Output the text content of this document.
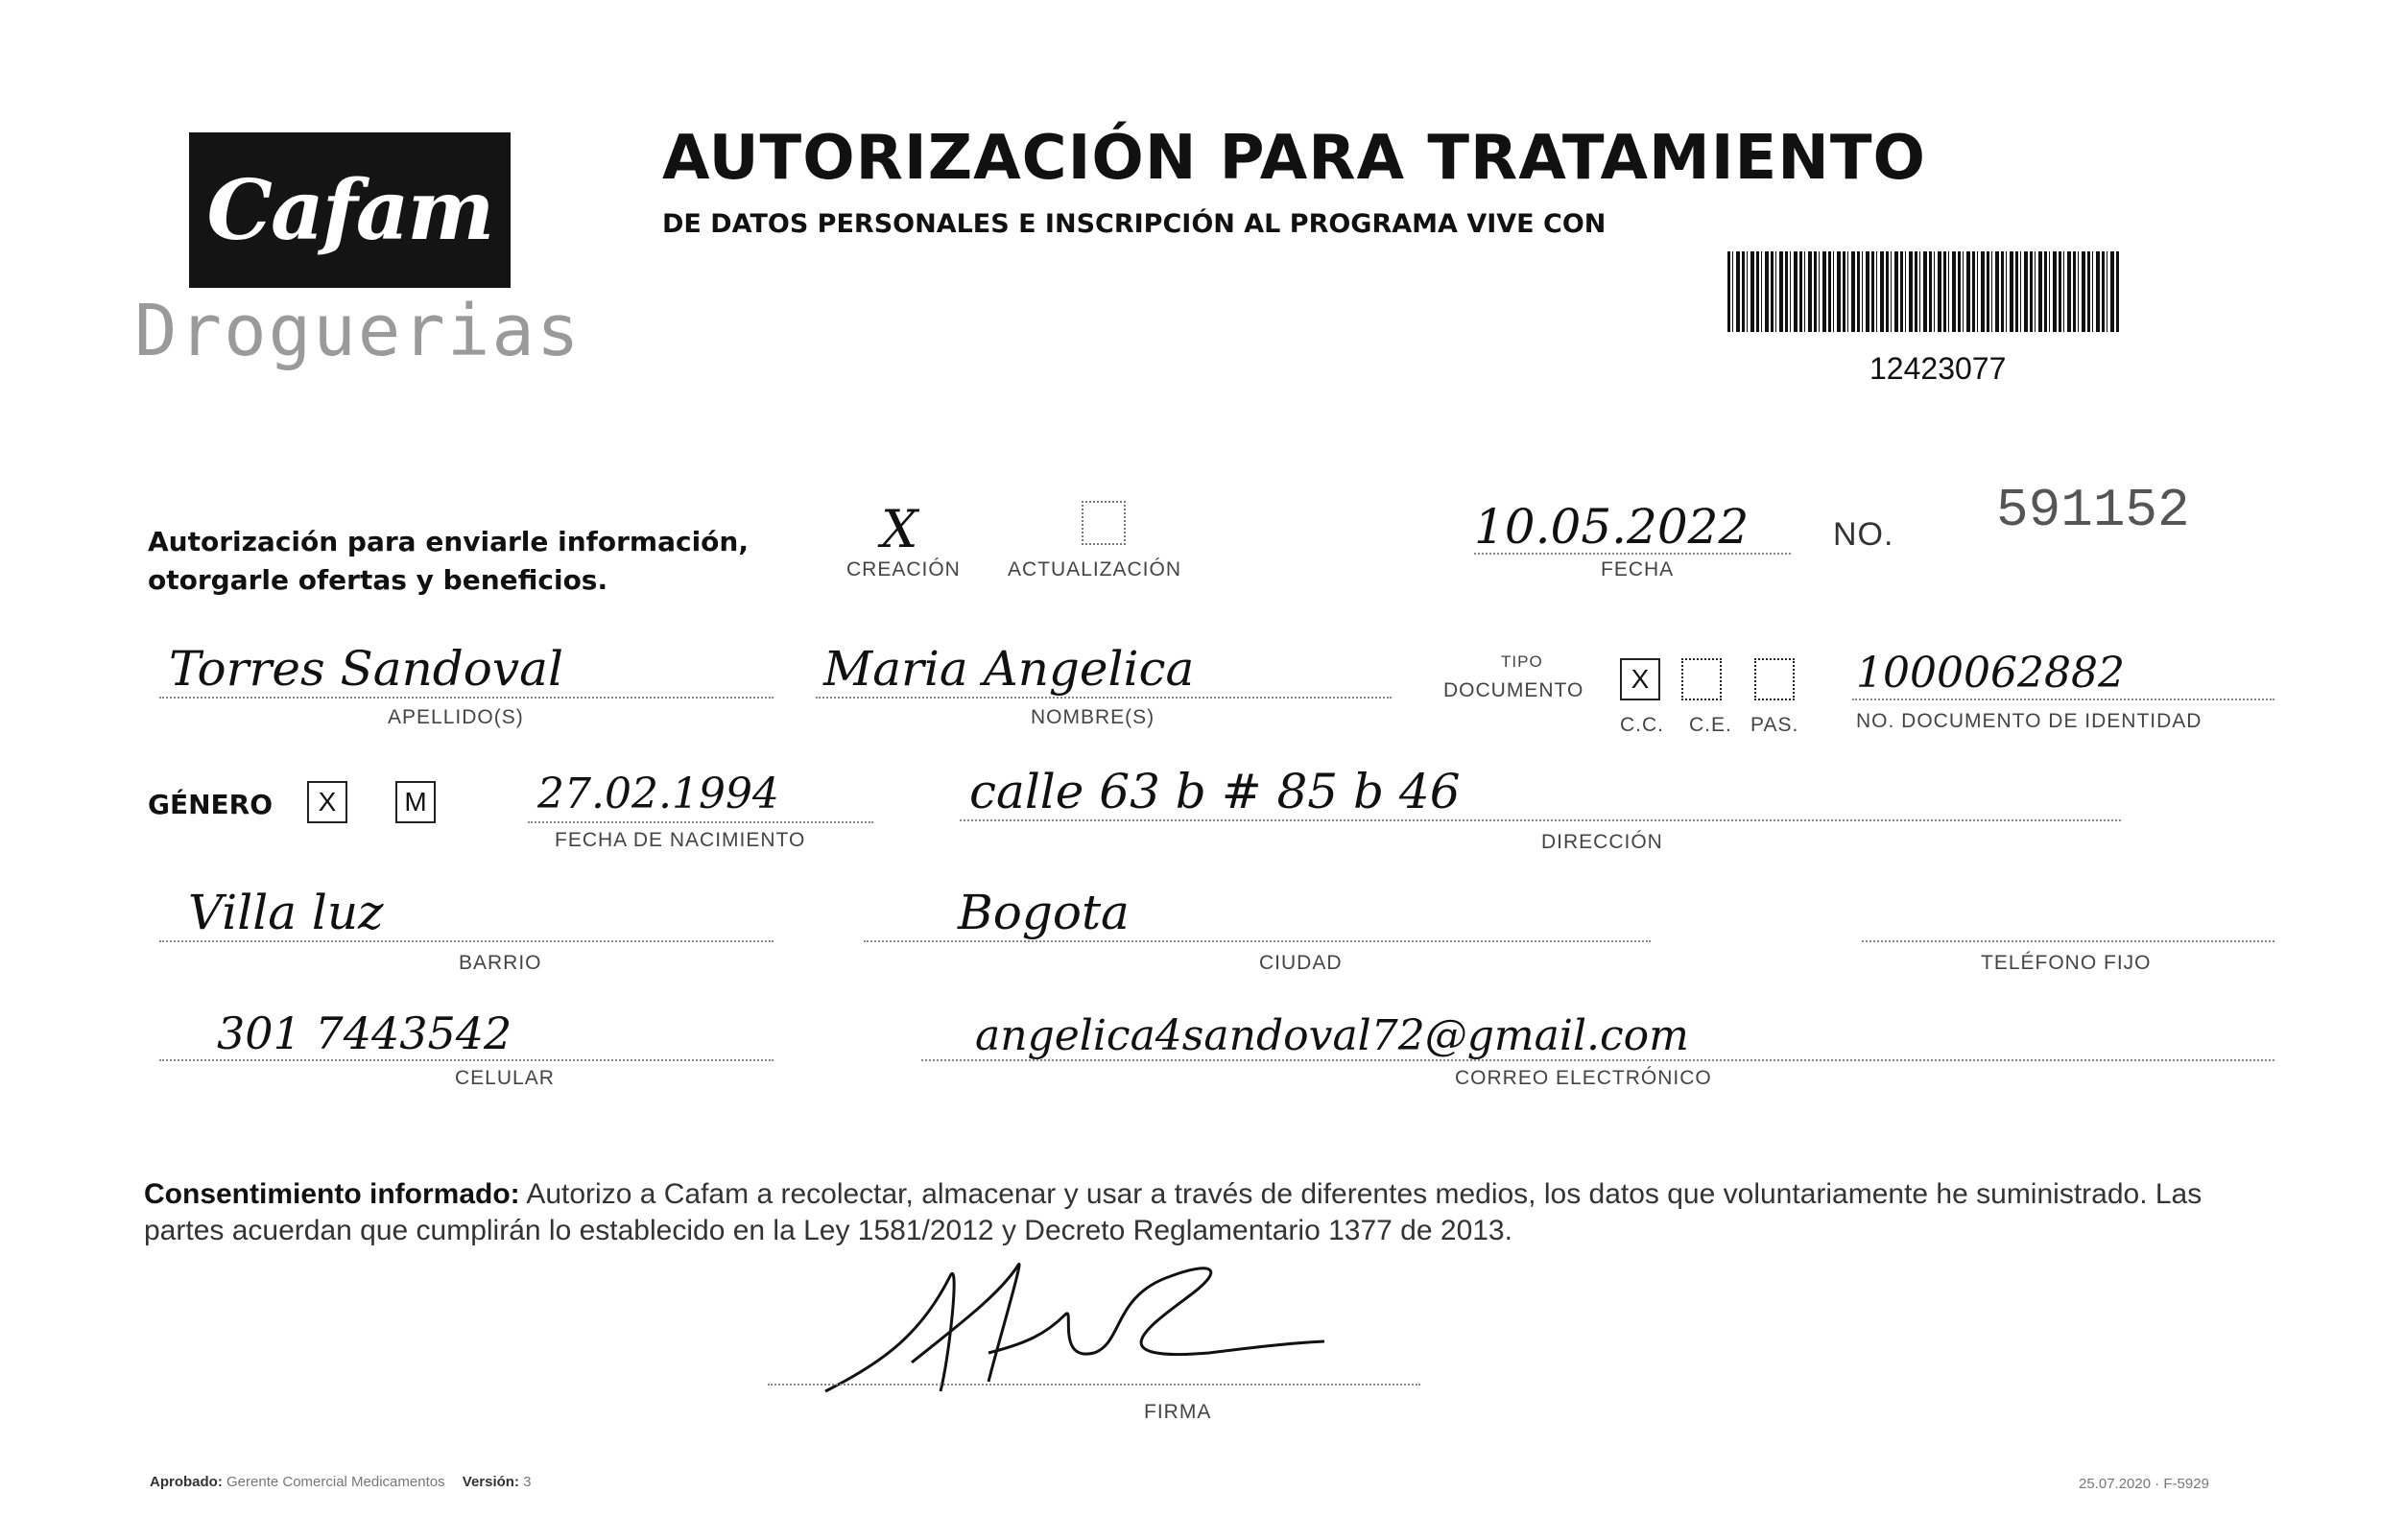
Cafam
Droguerias
AUTORIZACIÓN PARA TRATAMIENTO
DE DATOS PERSONALES E INSCRIPCIÓN AL PROGRAMA VIVE CON
12423077
Autorización para enviarle información,
otorgarle ofertas y beneficios.
X
CREACIÓN ACTUALIZACIÓN
10.05.2022
FECHA
NO. 591152
Torres Sandoval
APELLIDO(S)
Maria Angelica
NOMBRE(S)
TIPO
DOCUMENTO X
C.C. C.E. PAS.
1000062882
NO. DOCUMENTO DE IDENTIDAD
GÉNERO X	M	27.02.1994
FECHA DE NACIMIENTO
calle 63 b # 85 b 46
DIRECCIÓN
Villa luz
BARRIO
Bogota
CIUDAD	TELÉFONO FIJO
301 7443542
CELULAR
angelica4sandoval72@gmail.com
CORREO ELECTRÓNICO
Consentimiento informado: Autorizo a Cafam a recolectar, almacenar y usar a través de diferentes medios, los datos que voluntariamente he suministrado. Las partes acuerdan que cumplirán lo establecido en la Ley 1581/2012 y Decreto Reglamentario 1377 de 2013.
FIRMA
Aprobado: Gerente Comercial Medicamentos Versión: 3	25.07.2020 · F-5929
